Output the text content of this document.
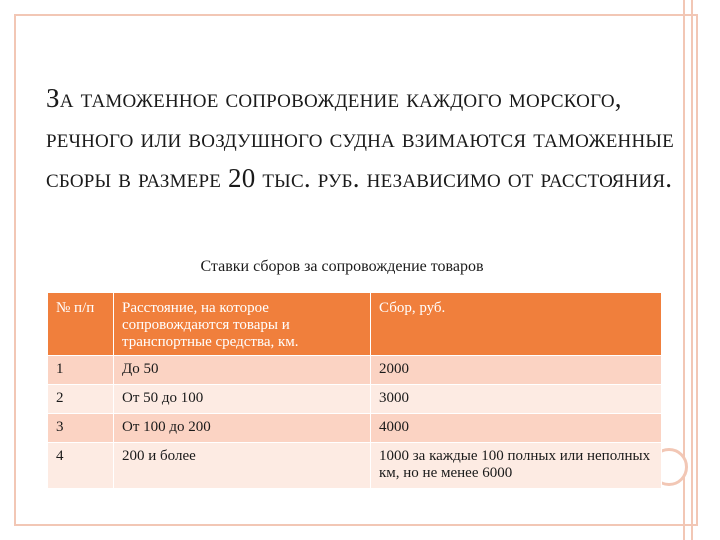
За таможенное сопровождение каждого морского, речного или воздушного судна взимаются таможенные сборы в размере 20 тыс. руб. независимо от расстояния.

Ставки сборов за сопровождение товаров

№ п/п	Расстояние, на которое сопровождаются товары и транспортные средства, км.	Сбор, руб.
1	До 50	2000
2	От 50 до 100	3000
3	От 100 до 200	4000
4	200 и более	1000 за каждые 100 полных или неполных км, но не менее 6000
